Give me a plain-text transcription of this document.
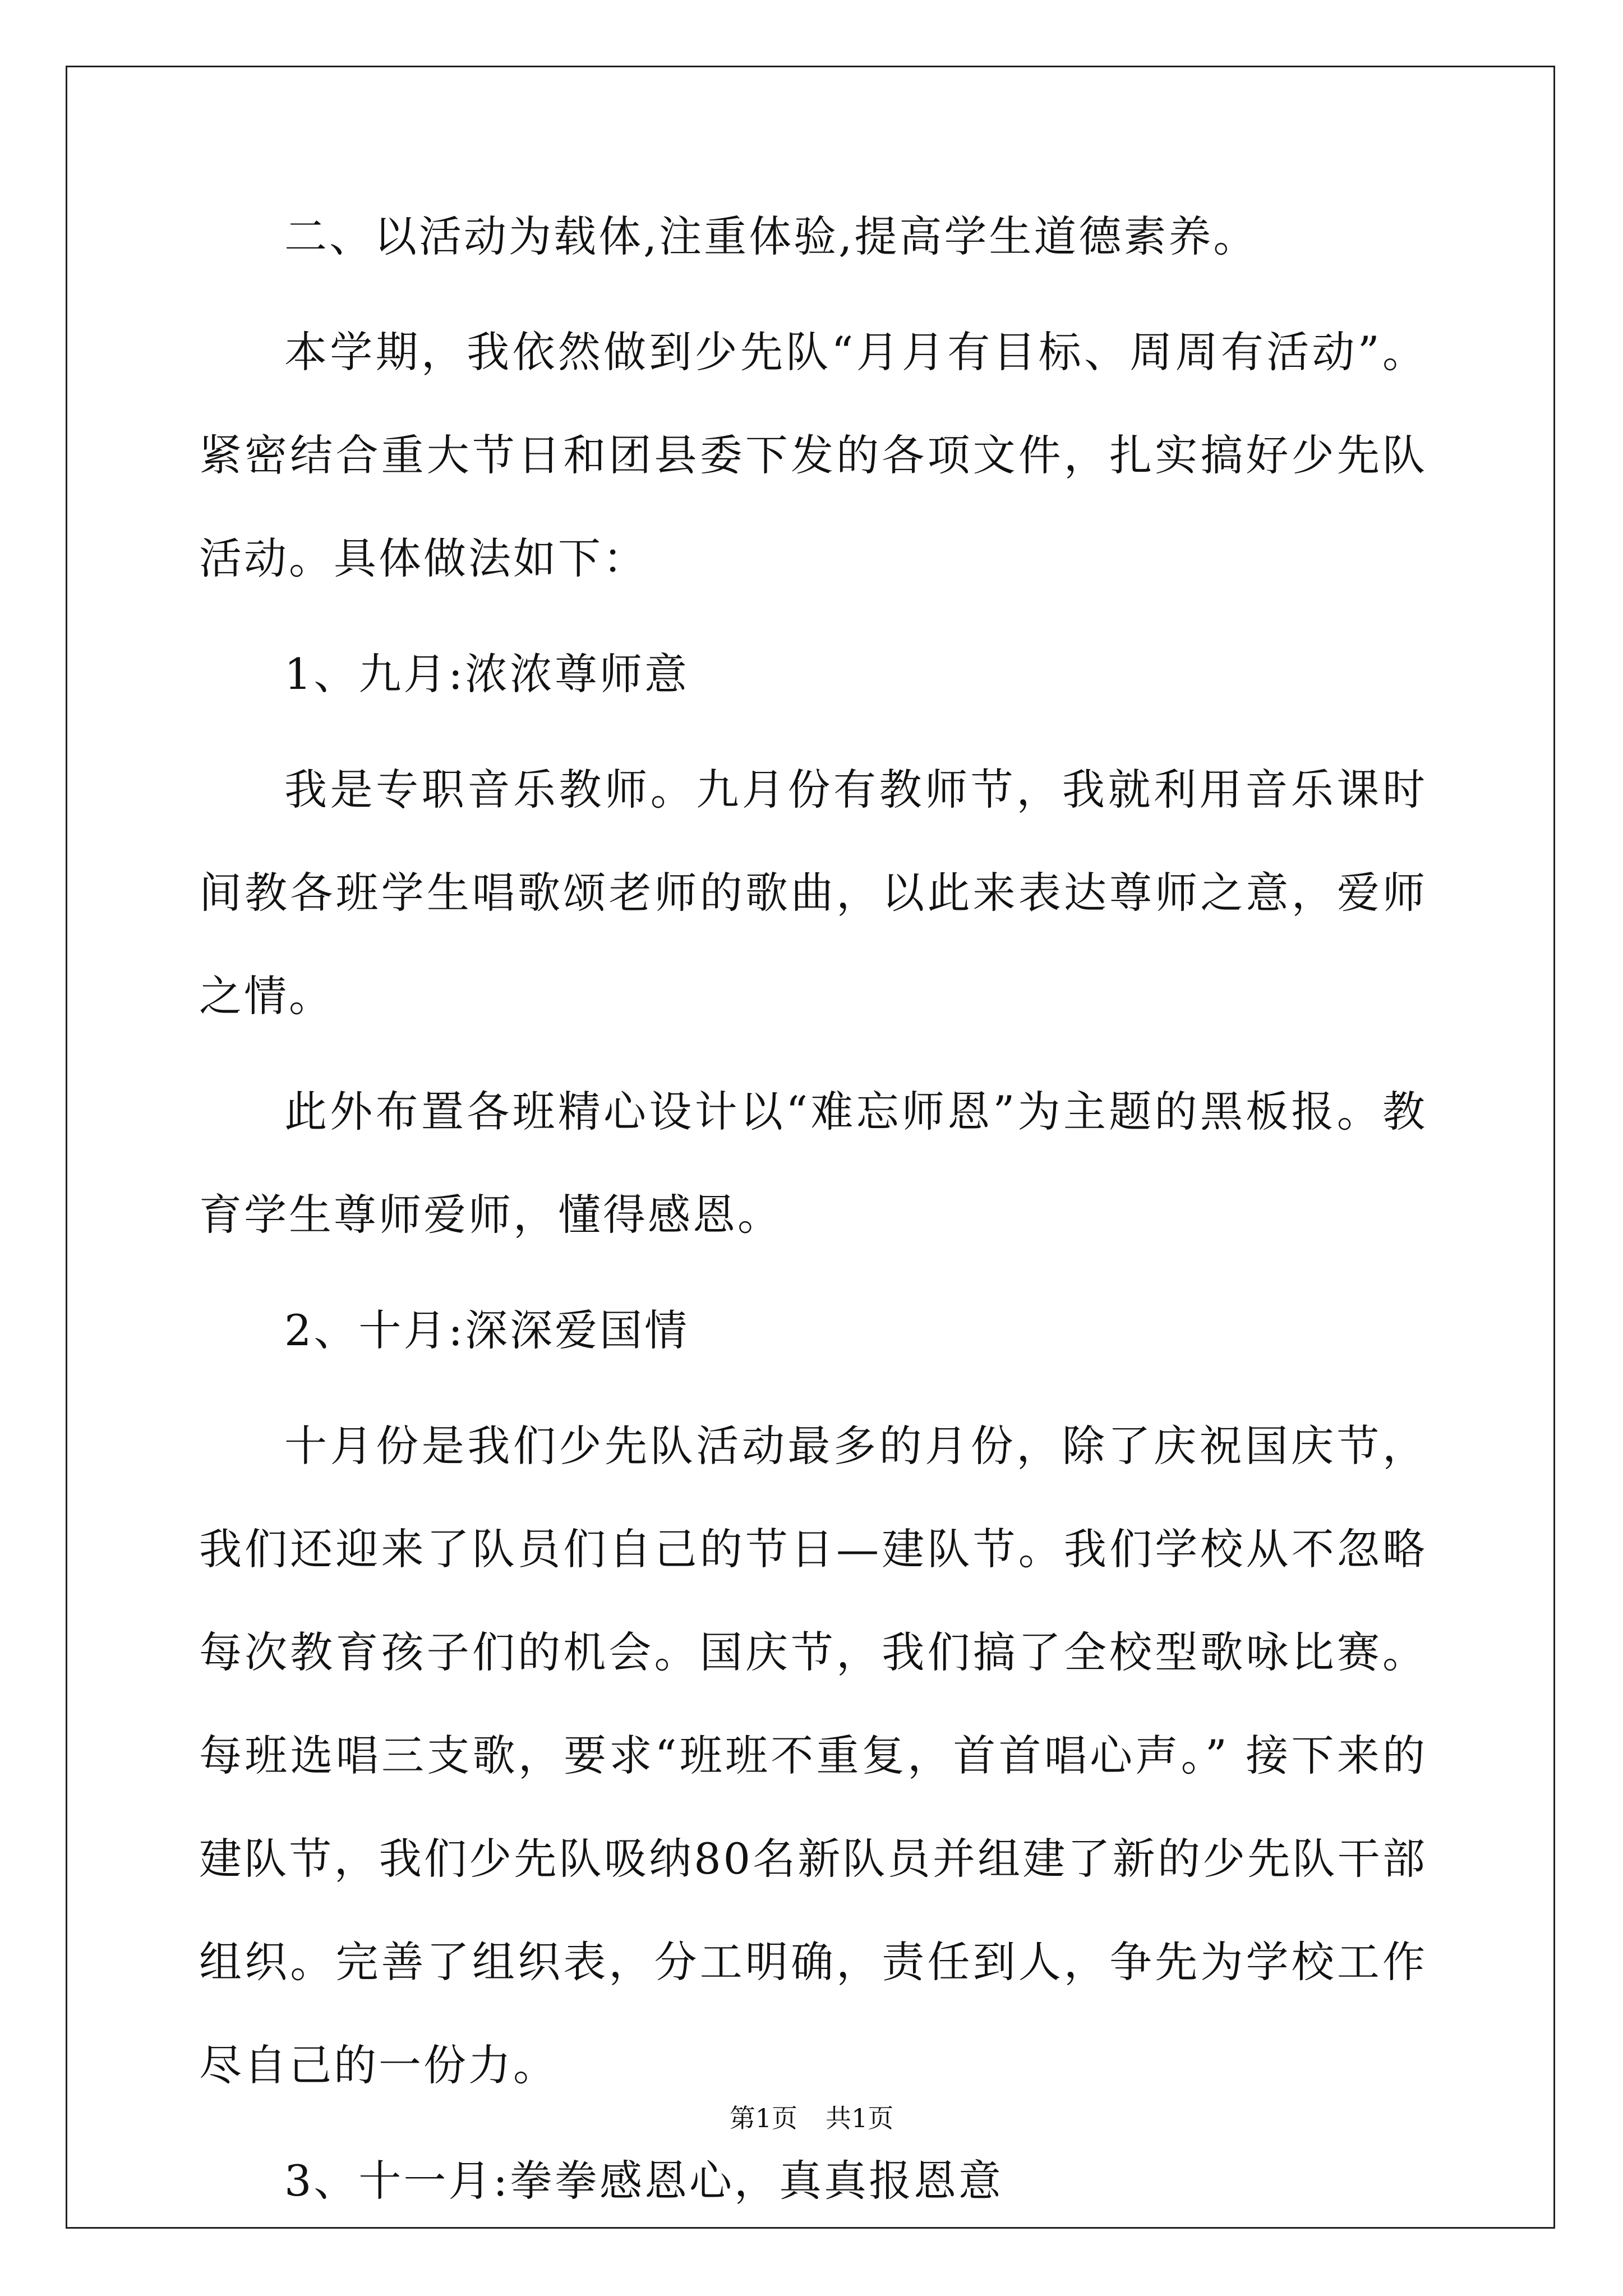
二、以活动为载体,注重体验,提高学生道德素养。

本学期，我依然做到少先队“月月有目标、周周有活动”。紧密结合重大节日和团县委下发的各项文件，扎实搞好少先队活动。具体做法如下：

1、九月:浓浓尊师意

我是专职音乐教师。九月份有教师节，我就利用音乐课时间教各班学生唱歌颂老师的歌曲，以此来表达尊师之意，爱师之情。

此外布置各班精心设计以“难忘师恩”为主题的黑板报。教育学生尊师爱师，懂得感恩。

2、十月:深深爱国情

十月份是我们少先队活动最多的月份，除了庆祝国庆节，我们还迎来了队员们自己的节日—建队节。我们学校从不忽略每次教育孩子们的机会。国庆节，我们搞了全校型歌咏比赛。每班选唱三支歌，要求“班班不重复，首首唱心声。” 接下来的建队节，我们少先队吸纳80名新队员并组建了新的少先队干部组织。完善了组织表，分工明确，责任到人，争先为学校工作尽自己的一份力。

3、十一月:拳拳感恩心，真真报恩意

第1页 共1页
